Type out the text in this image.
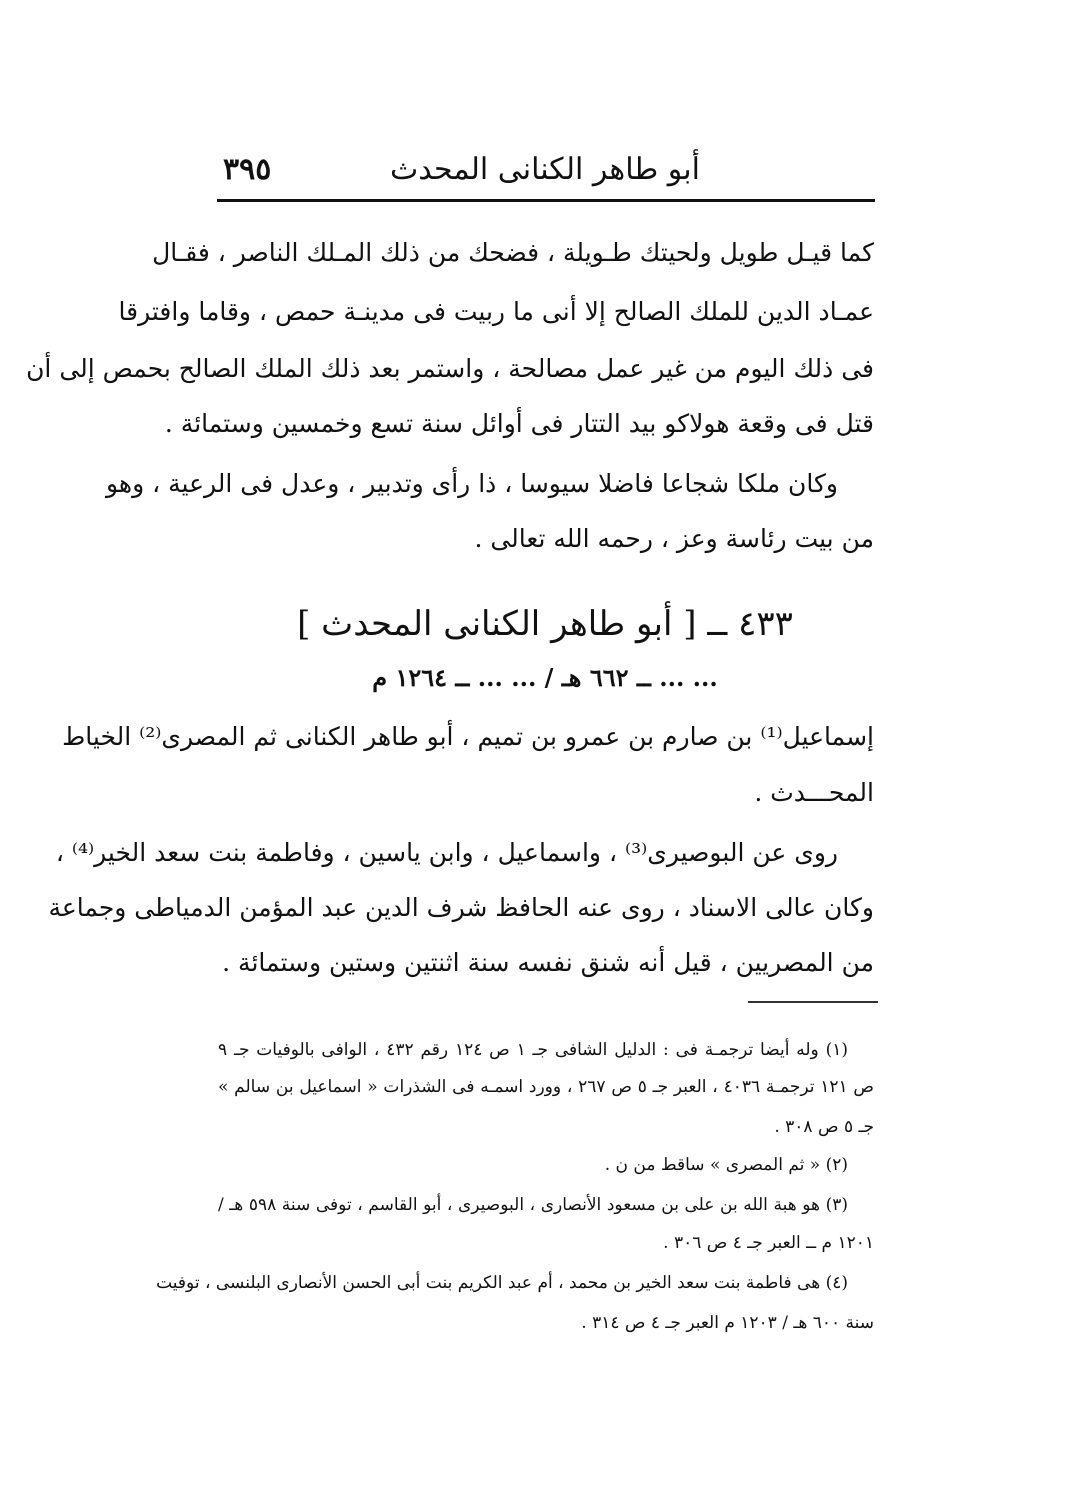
٣٩٥	أبو طاهر الكنانى المحدث
كما قيـل طويل ولحيتك طـويلة ، فضحك من ذلك المـلك الناصر ، فقـال
عمـاد الدين للملك الصالح إلا أنى ما ربيت فى مدينـة حمص ، وقاما وافترقا
فى ذلك اليوم من غير عمل مصالحة ، واستمر بعد ذلك الملك الصالح بحمص إلى أن
قتل فى وقعة هولاكو بيد التتار فى أوائل سنة تسع وخمسين وستمائة .
وكان ملكا شجاعا فاضلا سيوسا ، ذا رأى وتدبير ، وعدل فى الرعية ، وهو
من بيت رئاسة وعز ، رحمه الله تعالى .
٤٣٣ ــ [ أبو طاهر الكنانى المحدث ]
... ... ــ ٦٦٢ هـ / ... ... ــ ١٢٦٤ م
إسماعيل⁽¹⁾ بن صارم بن عمرو بن تميم ، أبو طاهر الكنانى ثم المصرى⁽²⁾ الخياط
المحـــدث .
روى عن البوصيرى⁽³⁾ ، واسماعيل ، وابن ياسين ، وفاطمة بنت سعد الخير⁽⁴⁾ ،
وكان عالى الاسناد ، روى عنه الحافظ شرف الدين عبد المؤمن الدمياطى وجماعة
من المصريين ، قيل أنه شنق نفسه سنة اثنتين وستين وستمائة .
(١) وله أيضا ترجمـة فى : الدليل الشافى جـ ١ ص ١٢٤ رقم ٤٣٢ ، الوافى بالوفيات جـ ٩
ص ١٢١ ترجمـة ٤٠٣٦ ، العبر جـ ٥ ص ٢٦٧ ، وورد اسمـه فى الشذرات « اسماعيل بن سالم »
جـ ٥ ص ٣٠٨ .
(٢) « ثم المصرى » ساقط من ن .
(٣) هو هبة الله بن على بن مسعود الأنصارى ، البوصيرى ، أبو القاسم ، توفى سنة ٥٩٨ هـ /
١٢٠١ م ــ العبر جـ ٤ ص ٣٠٦ .
(٤) هى فاطمة بنت سعد الخير بن محمد ، أم عبد الكريم بنت أبى الحسن الأنصارى البلنسى ، توفيت
سنة ٦٠٠ هـ / ١٢٠٣ م العبر جـ ٤ ص ٣١٤ .
